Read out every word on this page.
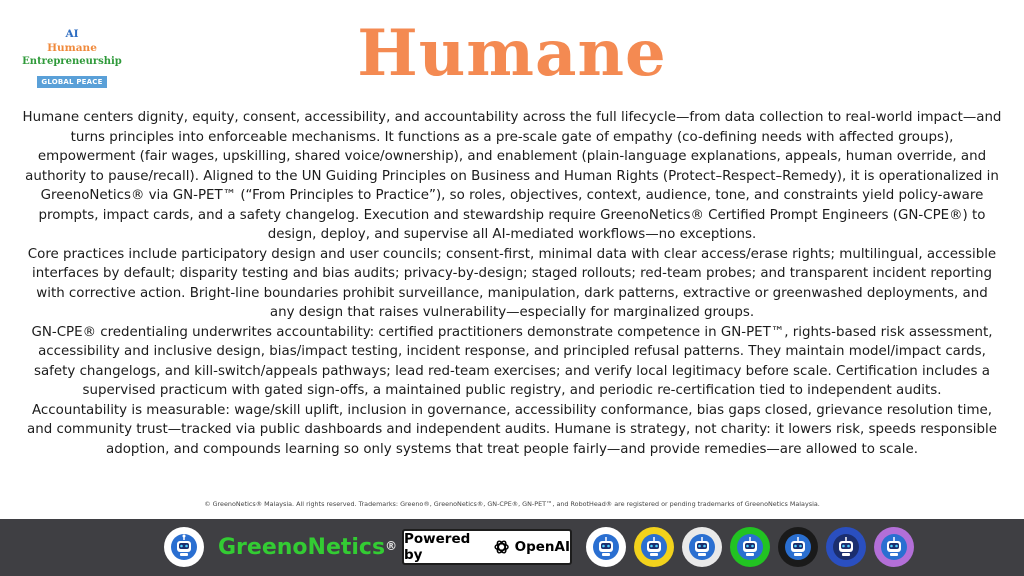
AI
Humane
Entrepreneurship
GLOBAL PEACE	Humane

Humane centers dignity, equity, consent, accessibility, and accountability across the full lifecycle—from data collection to real-world impact—and turns principles into enforceable mechanisms. It functions as a pre-scale gate of empathy (co-defining needs with affected groups), empowerment (fair wages, upskilling, shared voice/ownership), and enablement (plain-language explanations, appeals, human override, and authority to pause/recall). Aligned to the UN Guiding Principles on Business and Human Rights (Protect–Respect–Remedy), it is operationalized in GreenoNetics® via GN-PET™ (“From Principles to Practice”), so roles, objectives, context, audience, tone, and constraints yield policy-aware prompts, impact cards, and a safety changelog. Execution and stewardship require GreenoNetics® Certified Prompt Engineers (GN-CPE®) to design, deploy, and supervise all AI-mediated workflows—no exceptions.

Core practices include participatory design and user councils; consent-first, minimal data with clear access/erase rights; multilingual, accessible interfaces by default; disparity testing and bias audits; privacy-by-design; staged rollouts; red-team probes; and transparent incident reporting with corrective action. Bright-line boundaries prohibit surveillance, manipulation, dark patterns, extractive or greenwashed deployments, and any design that raises vulnerability—especially for marginalized groups.

GN-CPE® credentialing underwrites accountability: certified practitioners demonstrate competence in GN-PET™, rights-based risk assessment, accessibility and inclusive design, bias/impact testing, incident response, and principled refusal patterns. They maintain model/impact cards, safety changelogs, and kill-switch/appeals pathways; lead red-team exercises; and verify local legitimacy before scale. Certification includes a supervised practicum with gated sign-offs, a maintained public registry, and periodic re-certification tied to independent audits.

Accountability is measurable: wage/skill uplift, inclusion in governance, accessibility conformance, bias gaps closed, grievance resolution time, and community trust—tracked via public dashboards and independent audits. Humane is strategy, not charity: it lowers risk, speeds responsible adoption, and compounds learning so only systems that treat people fairly—and provide remedies—are allowed to scale.

© GreenoNetics® Malaysia. All rights reserved. Trademarks: Greeno®, GreenoNetics®, GN-CPE®, GN-PET™, and RobotHead® are registered or pending trademarks of GreenoNetics Malaysia.
GreenoNetics® Powered by	OpenAI
